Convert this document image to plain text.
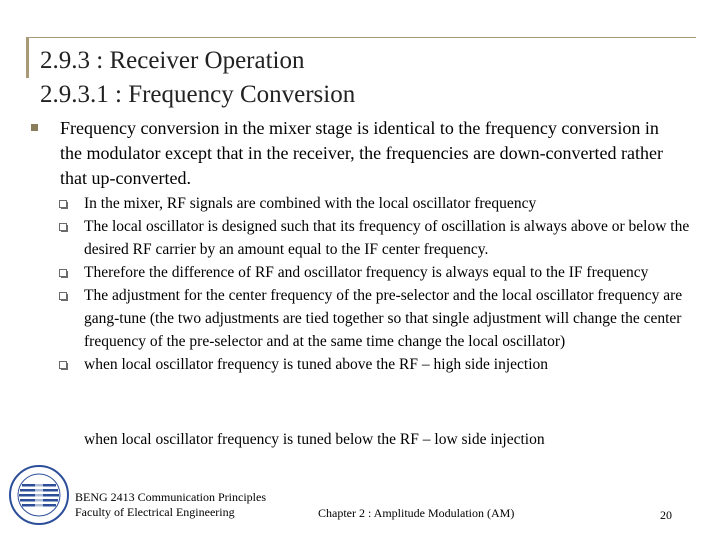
2.9.3 : Receiver Operation
2.9.3.1 : Frequency Conversion

Frequency conversion in the mixer stage is identical to the frequency conversion in the modulator except that in the receiver, the frequencies are down-converted rather that up-converted.

In the mixer, RF signals are combined with the local oscillator frequency
The local oscillator is designed such that its frequency of oscillation is always above or below the desired RF carrier by an amount equal to the IF center frequency.
Therefore the difference of RF and oscillator frequency is always equal to the IF frequency
The adjustment for the center frequency of the pre-selector and the local oscillator frequency are gang-tune (the two adjustments are tied together so that single adjustment will change the center frequency of the pre-selector and at the same time change the local oscillator)
when local oscillator frequency is tuned above the RF – high side injection
when local oscillator frequency is tuned below the RF – low side injection
BENG 2413 Communication Principles
Faculty of Electrical Engineering	Chapter 2 : Amplitude Modulation (AM)	20
